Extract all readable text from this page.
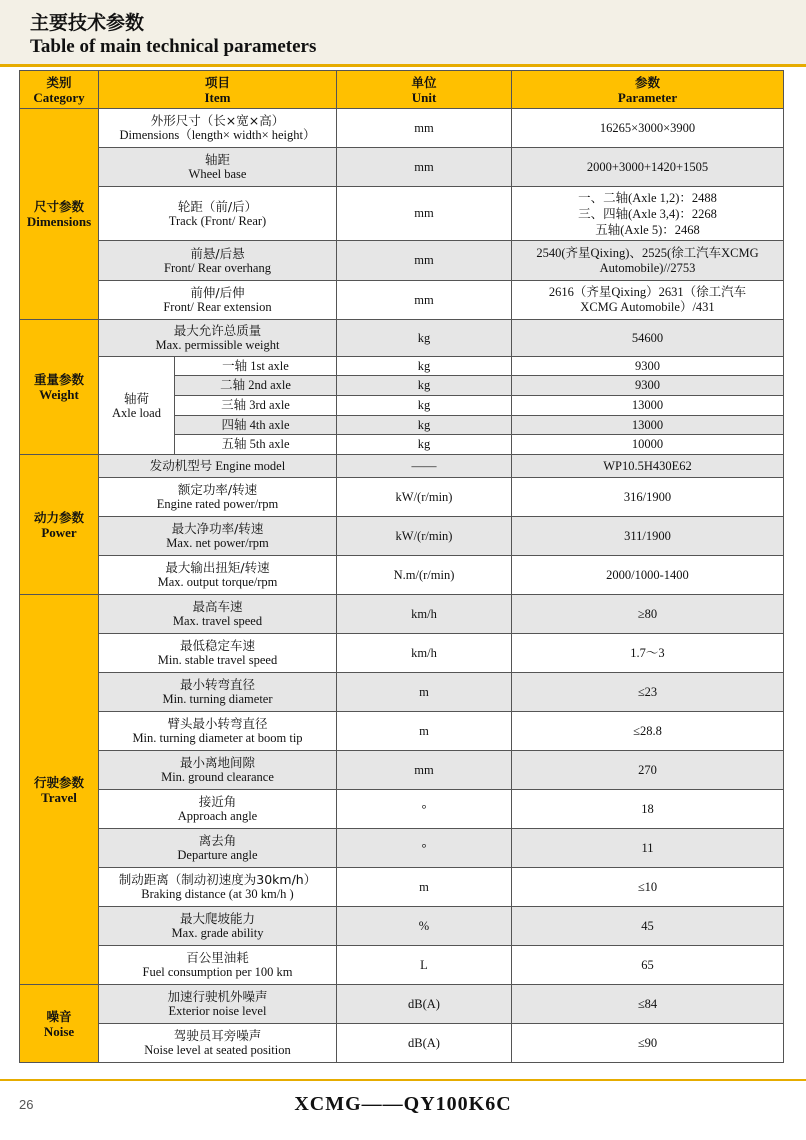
主要技术参数
Table of main technical parameters
类别
Category	项目
Item		单位
Unit	参数
Parameter

尺寸参数
Dimensions	外形尺寸（长×宽×高）
Dimensions（length× width× height）		mm	16265×3000×3900

	轴距
Wheel base		mm	2000+3000+1420+1505

	轮距（前/后）
Track (Front/ Rear)		mm	一、二轴(Axle 1,2)：2488
三、四轴(Axle 3,4)：2268
五轴(Axle 5)：2468

	前悬/后悬
Front/ Rear overhang		mm	2540(齐星Qixing)、2525(徐工汽车XCMG
Automobile)//2753

	前伸/后伸
Front/ Rear extension		mm	2616（齐星Qixing）2631（徐工汽车
XCMG Automobile）/431

重量参数
Weight	最大允许总质量
Max. permissible weight		kg	54600

	轴荷
Axle load	一轴 1st axle	kg	9300
		二轴 2nd axle	kg	9300
		三轴 3rd axle	kg	13000
		四轴 4th axle	kg	13000
		五轴 5th axle	kg	10000

动力参数
Power	发动机型号 Engine model		——	WP10.5H430E62

	额定功率/转速
Engine rated power/rpm		kW/(r/min)	316/1900

	最大净功率/转速
Max. net power/rpm		kW/(r/min)	311/1900

	最大输出扭矩/转速
Max. output torque/rpm		N.m/(r/min)	2000/1000-1400

行驶参数
Travel	最高车速
Max. travel speed		km/h	≥80

	最低稳定车速
Min. stable travel speed		km/h	1.7～3

	最小转弯直径
Min. turning diameter		m	≤23

	臂头最小转弯直径
Min. turning diameter at boom tip		m	≤28.8

	最小离地间隙
Min. ground clearance		mm	270

	接近角
Approach angle		°	18

	离去角
Departure angle		°	11

	制动距离（制动初速度为30km/h）
Braking distance (at 30 km/h )		m	≤10

	最大爬坡能力
Max. grade ability		%	45

	百公里油耗
Fuel consumption per 100 km		L	65

噪音
Noise	加速行驶机外噪声
Exterior noise level		dB(A)	≤84

	驾驶员耳旁噪声
Noise level at seated position		dB(A)	≤90
26	XCMG——QY100K6C
